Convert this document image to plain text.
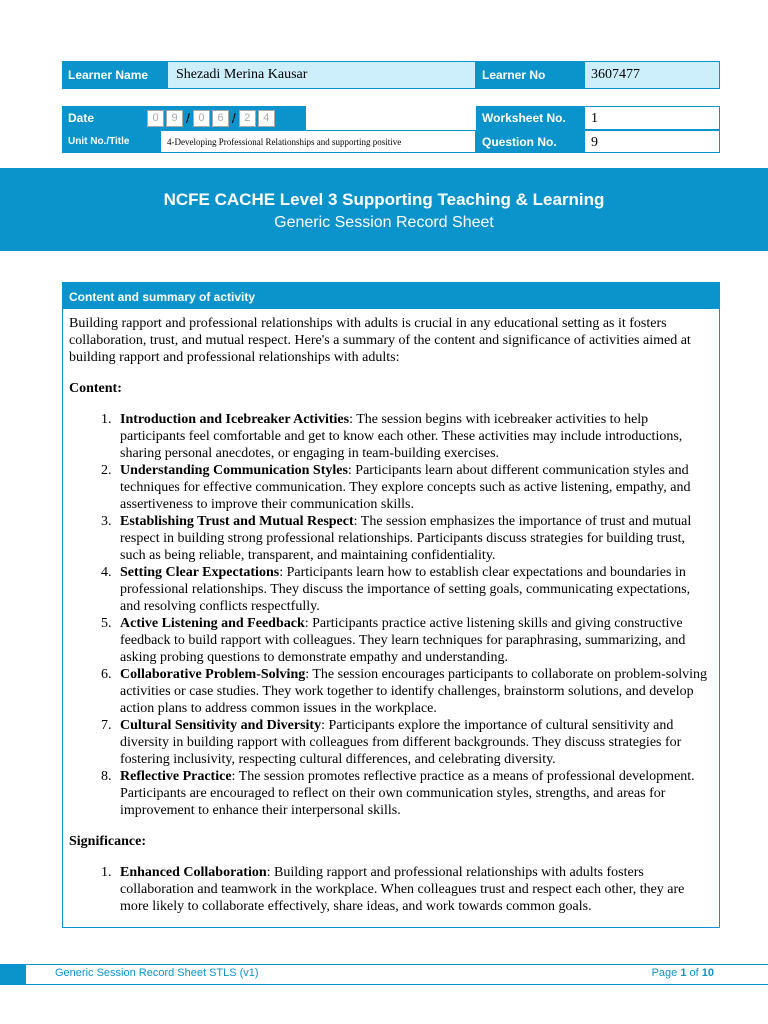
Learner Name	Shezadi Merina Kausar	Learner No	3607477
Date	0	9 / 0	6 / 2	4	Worksheet No.	1
Unit No./Title	4-Developing Professional Relationships and supporting positive	Question No.	9
NCFE CACHE Level 3 Supporting Teaching & Learning
Generic Session Record Sheet
Content and summary of activity

Building rapport and professional relationships with adults is crucial in any educational setting as it fosters collaboration, trust, and mutual respect. Here's a summary of the content and significance of activities aimed at building rapport and professional relationships with adults:

Content:

1. Introduction and Icebreaker Activities: The session begins with icebreaker activities to help participants feel comfortable and get to know each other. These activities may include introductions, sharing personal anecdotes, or engaging in team-building exercises.
2. Understanding Communication Styles: Participants learn about different communication styles and techniques for effective communication. They explore concepts such as active listening, empathy, and assertiveness to improve their communication skills.
3. Establishing Trust and Mutual Respect: The session emphasizes the importance of trust and mutual respect in building strong professional relationships. Participants discuss strategies for building trust, such as being reliable, transparent, and maintaining confidentiality.
4. Setting Clear Expectations: Participants learn how to establish clear expectations and boundaries in professional relationships. They discuss the importance of setting goals, communicating expectations, and resolving conflicts respectfully.
5. Active Listening and Feedback: Participants practice active listening skills and giving constructive feedback to build rapport with colleagues. They learn techniques for paraphrasing, summarizing, and asking probing questions to demonstrate empathy and understanding.
6. Collaborative Problem-Solving: The session encourages participants to collaborate on problem-solving activities or case studies. They work together to identify challenges, brainstorm solutions, and develop action plans to address common issues in the workplace.
7. Cultural Sensitivity and Diversity: Participants explore the importance of cultural sensitivity and diversity in building rapport with colleagues from different backgrounds. They discuss strategies for fostering inclusivity, respecting cultural differences, and celebrating diversity.
8. Reflective Practice: The session promotes reflective practice as a means of professional development. Participants are encouraged to reflect on their own communication styles, strengths, and areas for improvement to enhance their interpersonal skills.

Significance:

1. Enhanced Collaboration: Building rapport and professional relationships with adults fosters collaboration and teamwork in the workplace. When colleagues trust and respect each other, they are more likely to collaborate effectively, share ideas, and work towards common goals.
Generic Session Record Sheet STLS (v1)	Page 1 of 10
